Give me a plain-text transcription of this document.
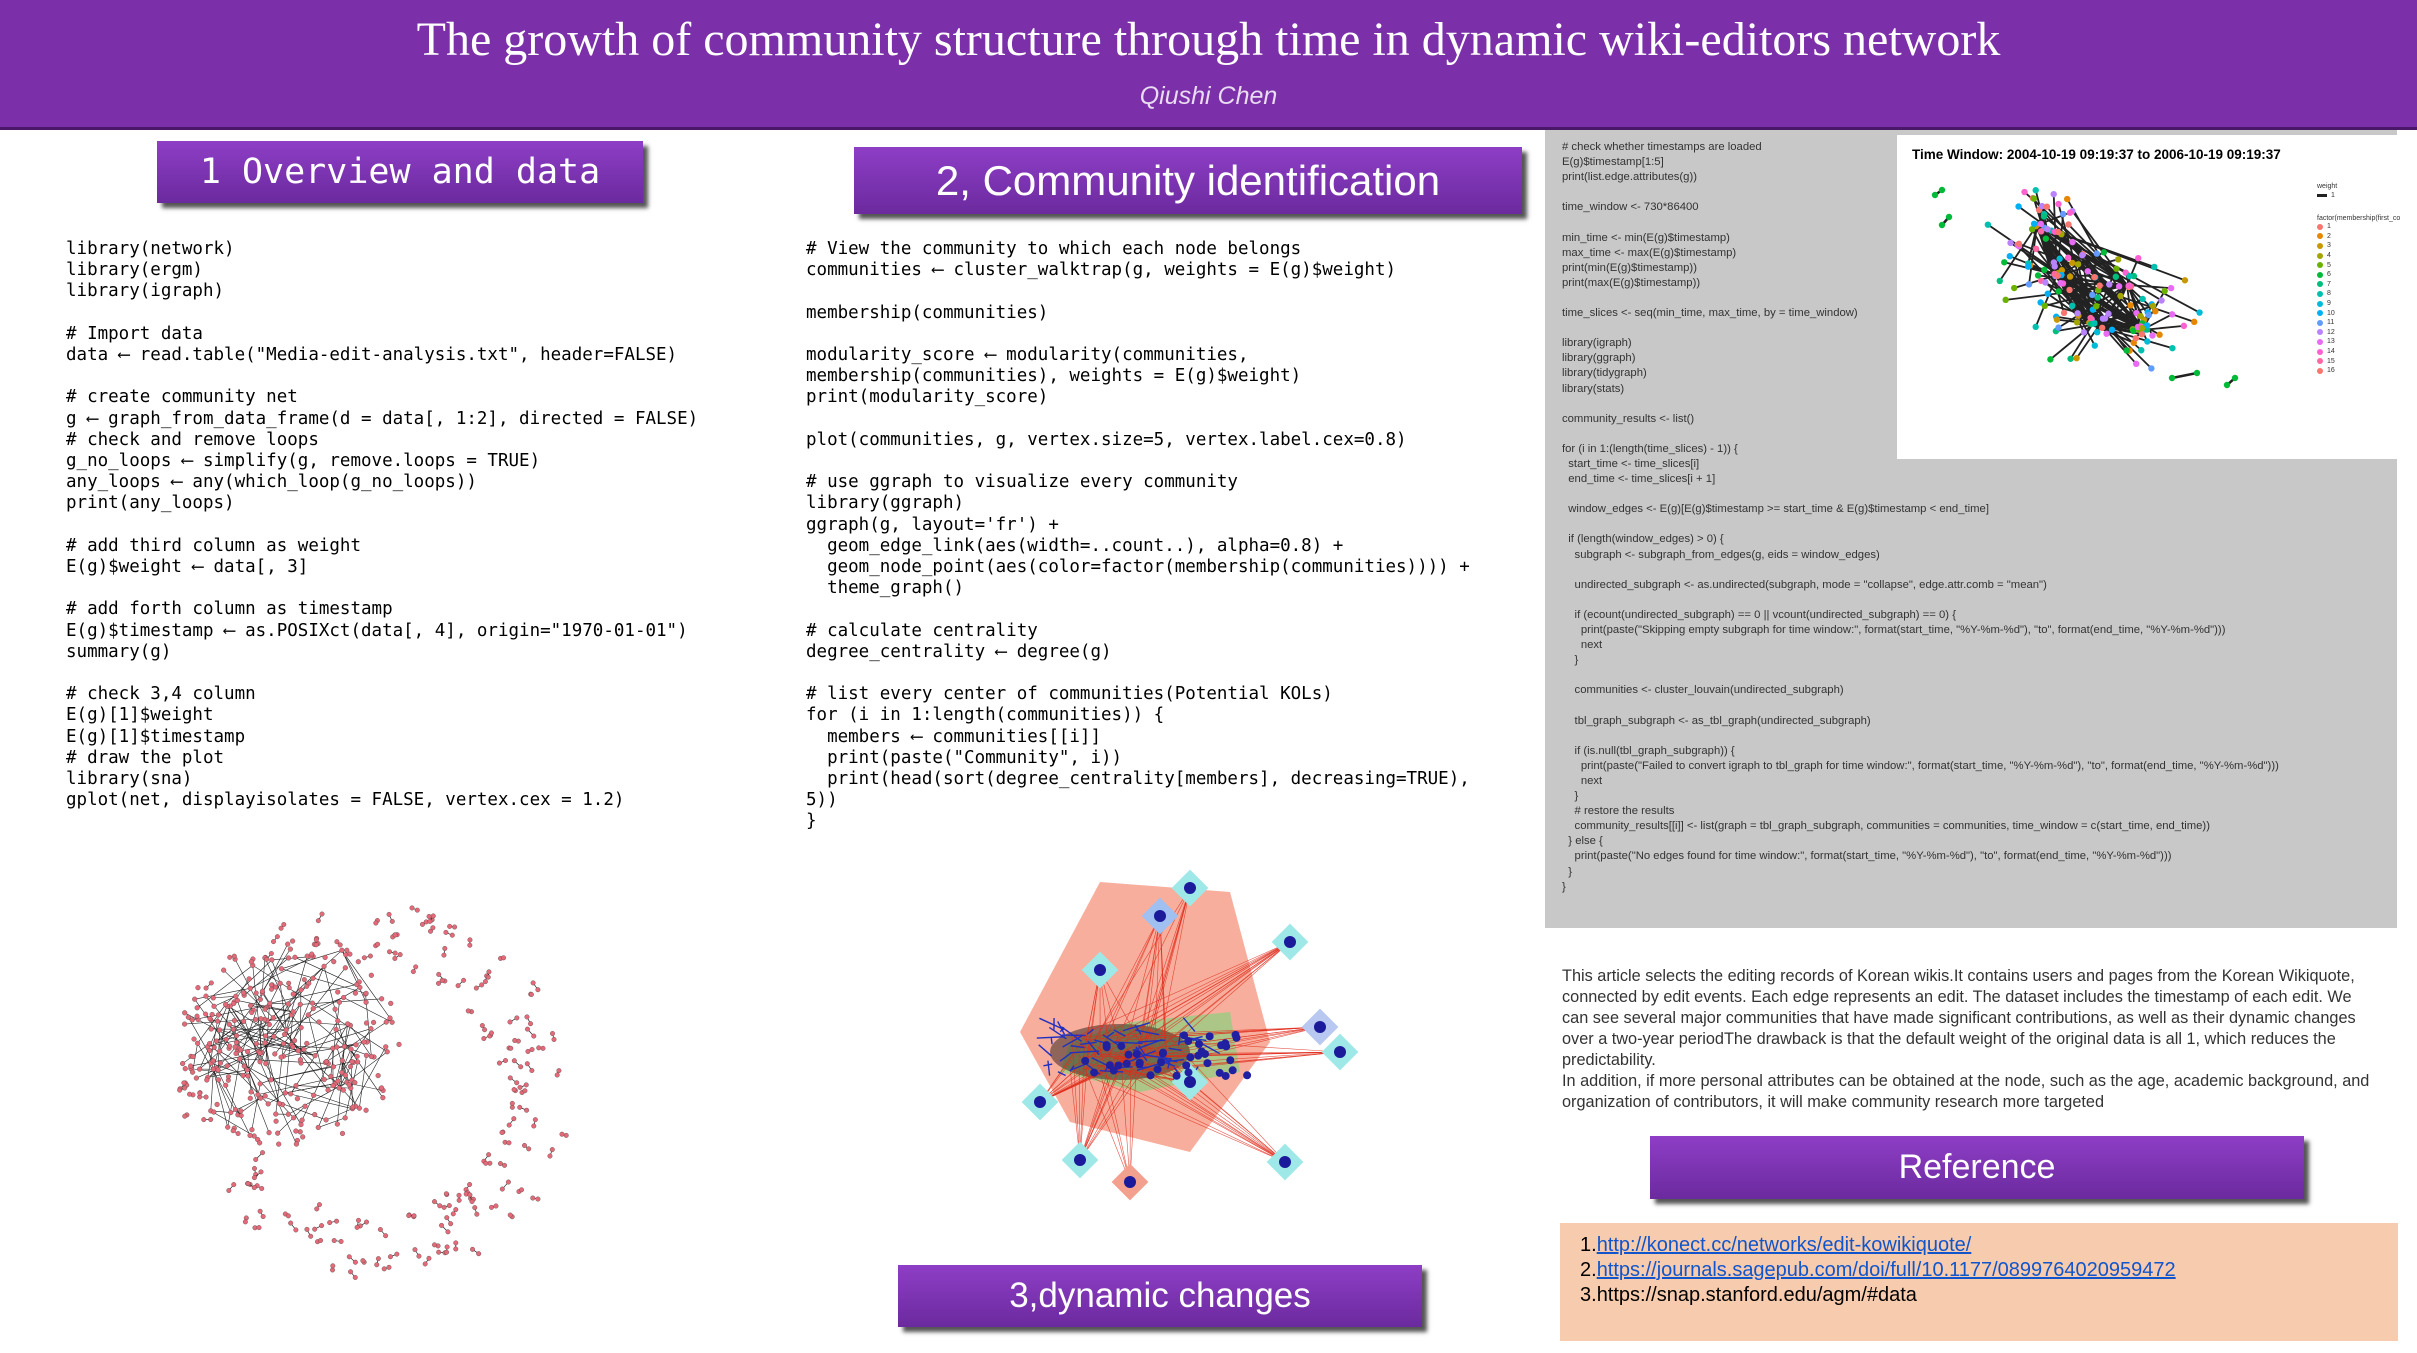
The growth of community structure through time in dynamic wiki-editors network
Qiushi Chen
1 Overview and data clean
2, Community identification
3,dynamic changes
Reference
library(network)
library(ergm)
library(igraph)

# Import data
data ⟵ read.table("Media-edit-analysis.txt", header=FALSE)

# create community net
g ⟵ graph_from_data_frame(d = data[, 1:2], directed = FALSE)
# check and remove loops
g_no_loops ⟵ simplify(g, remove.loops = TRUE)
any_loops ⟵ any(which_loop(g_no_loops))
print(any_loops)

# add third column as weight
E(g)$weight ⟵ data[, 3]

# add forth column as timestamp
E(g)$timestamp ⟵ as.POSIXct(data[, 4], origin="1970-01-01")
summary(g)

# check 3,4 column
E(g)[1]$weight
E(g)[1]$timestamp
# draw the plot
library(sna)
gplot(net, displayisolates = FALSE, vertex.cex = 1.2)
# View the community to which each node belongs
communities ⟵ cluster_walktrap(g, weights = E(g)$weight)

membership(communities)

modularity_score ⟵ modularity(communities,
membership(communities), weights = E(g)$weight)
print(modularity_score)

plot(communities, g, vertex.size=5, vertex.label.cex=0.8)

# use ggraph to visualize every community
library(ggraph)
ggraph(g, layout='fr') +
geom_edge_link(aes(width=..count..), alpha=0.8) +
geom_node_point(aes(color=factor(membership(communities)))) +
theme_graph()

# calculate centrality
degree_centrality ⟵ degree(g)

# list every center of communities(Potential KOLs)
for (i in 1:length(communities)) {
members ⟵ communities[[i]]
print(paste("Community", i))
print(head(sort(degree_centrality[members], decreasing=TRUE),
5))
}
# check whether timestamps are loaded
E(g)$timestamp[1:5]
print(list.edge.attributes(g))

time_window <- 730*86400

min_time <- min(E(g)$timestamp)
max_time <- max(E(g)$timestamp)
print(min(E(g)$timestamp))
print(max(E(g)$timestamp))

time_slices <- seq(min_time, max_time, by = time_window)

library(igraph)
library(ggraph)
library(tidygraph)
library(stats)

community_results <- list()

for (i in 1:(length(time_slices) - 1)) {
start_time <- time_slices[i]
end_time <- time_slices[i + 1]

window_edges <- E(g)[E(g)$timestamp >= start_time & E(g)$timestamp < end_time]

if (length(window_edges) > 0) {
subgraph <- subgraph_from_edges(g, eids = window_edges)

undirected_subgraph <- as.undirected(subgraph, mode = "collapse", edge.attr.comb = "mean")

if (ecount(undirected_subgraph) == 0 || vcount(undirected_subgraph) == 0) {
print(paste("Skipping empty subgraph for time window:", format(start_time, "%Y-%m-%d"), "to", format(end_time, "%Y-%m-%d")))
next
}

communities <- cluster_louvain(undirected_subgraph)

tbl_graph_subgraph <- as_tbl_graph(undirected_subgraph)

if (is.null(tbl_graph_subgraph)) {
print(paste("Failed to convert igraph to tbl_graph for time window:", format(start_time, "%Y-%m-%d"), "to", format(end_time, "%Y-%m-%d")))
next
}
# restore the results
community_results[[i]] <- list(graph = tbl_graph_subgraph, communities = communities, time_window = c(start_time, end_time))
} else {
print(paste("No edges found for time window:", format(start_time, "%Y-%m-%d"), "to", format(end_time, "%Y-%m-%d")))
}
}
Time Window: 2004-10-19 09:19:37 to 2006-10-19 09:19:37
weight
1
factor(membership(first_co
1
2
3
4
5
6
7
8
9
10
11
12
13
14
15
16

This article selects the editing records of Korean wikis.It contains users and pages from the Korean Wikiquote, connected by edit events. Each edge represents an edit. The dataset includes the timestamp of each edit. We can see several major communities that have made significant contributions, as well as their dynamic changes over a two-year periodThe drawback is that the default weight of the original data is all 1, which reduces the predictability.
In addition, if more personal attributes can be obtained at the node, such as the age, academic background, and organization of contributors, it will make community research more targeted

1.http://konect.cc/networks/edit-kowikiquote/
2.https://journals.sagepub.com/doi/full/10.1177/0899764020959472
3.https://snap.stanford.edu/agm/#data
